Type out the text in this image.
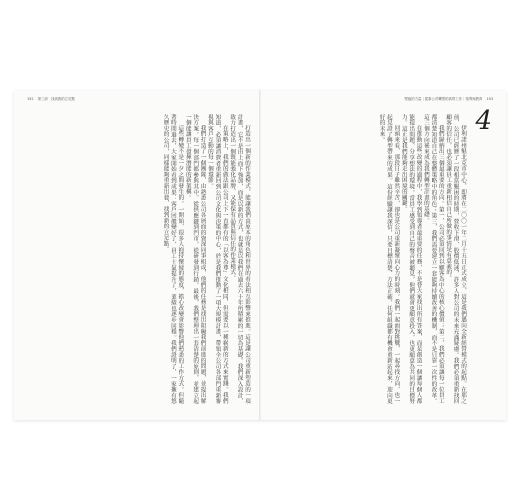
192 第三部　找到我的立足點

打造出一個新的作業模式，能讓我們由原本的角色和世界的看法相互影響來推進。這是讓公司重新塑造的一項計畫，它不是由上而下強加，而是以新的方式，也就是以我們在過去六十年所積累的一切為基礎。我們深入設計，致力打造出一個既能強化品牌、又能保有品質與信任的作業模式。

在策略上，我們的做法跟公司上下一直都有的「以客為尊」文化相同，但需要以一種嶄新的方式來實踐。我們知道，必須讓消費者重新回到公司文化與決策的中心，於是我們推動了一項大規模計畫，帶領全公司各部門重新審視與客戶互動的每一個環節。

我們打造了一個團隊，由熟悉公司各層面的資深同事組成，他們的任務是找出阻礙我們前進的問題，並提出解決方案。每一個部門都參與其中，從供應鏈到門市，從研發到行銷。最後，我們整理出一套清楚的原則，並建立起一個能讓員工發揮潛能的新架構。

這些轉變不是一夕之間發生的。一開始，很多人抱持懷疑的態度，擔心改變會影響他們熟悉的工作方式。但隨著時間過去，大家開始看到成果：客戶回饋變好了，員工士氣提升了，業績也逐步回穩。我們證明了，一家擁有悠久歷史的公司，同樣能夠重新出發，找到新的立足點。

堅毅的力量｜從事公司轉型的真實工作｜領導與教育 193
4

伊利諾州魁北克市中心，即將在二〇〇一年二月十五日正式成立，這是我們邁向全新經營模式的起點。在那之前，公司已經歷了一段相當艱困的時期，營收下滑、股價低迷，許多人對公司的未來充滿疑慮。我們必須重新找回顧客的信任，也必須讓員工重新相信自己所做的事情是有意義的。

我們歸納出三個最重要的方向。第一，公司必須回到以顧客為中心的核心價值；第二，我們必須讓每一位員工都清楚知道自己在整體策略中的角色；第三，我們需要建立一套能夠持續改善的機制，而不是只靠一次性的改革。這三個方向後來成為我們轉型計畫的基礎。

在推動這些改變的過程中，我學到領導者最重要的任務，不是替大家找出所有答案，而是創造一個讓每個人都能提出問題、分享想法的環境。當員工感受到自己的聲音被聽見，他們就會更願意投入，也更願意為共同的目標努力。這正是我們能夠走出困境的關鍵。

回頭來看，那段日子雖然辛苦，卻也是公司重新凝聚向心力的時刻。我們一起面對挑戰，一起尋找方向，也一起見證了轉型帶來的成果。這份經驗讓我深信，只要目標清楚、方法正確，任何組織都有機會重新站起來，迎向更好的未來。
